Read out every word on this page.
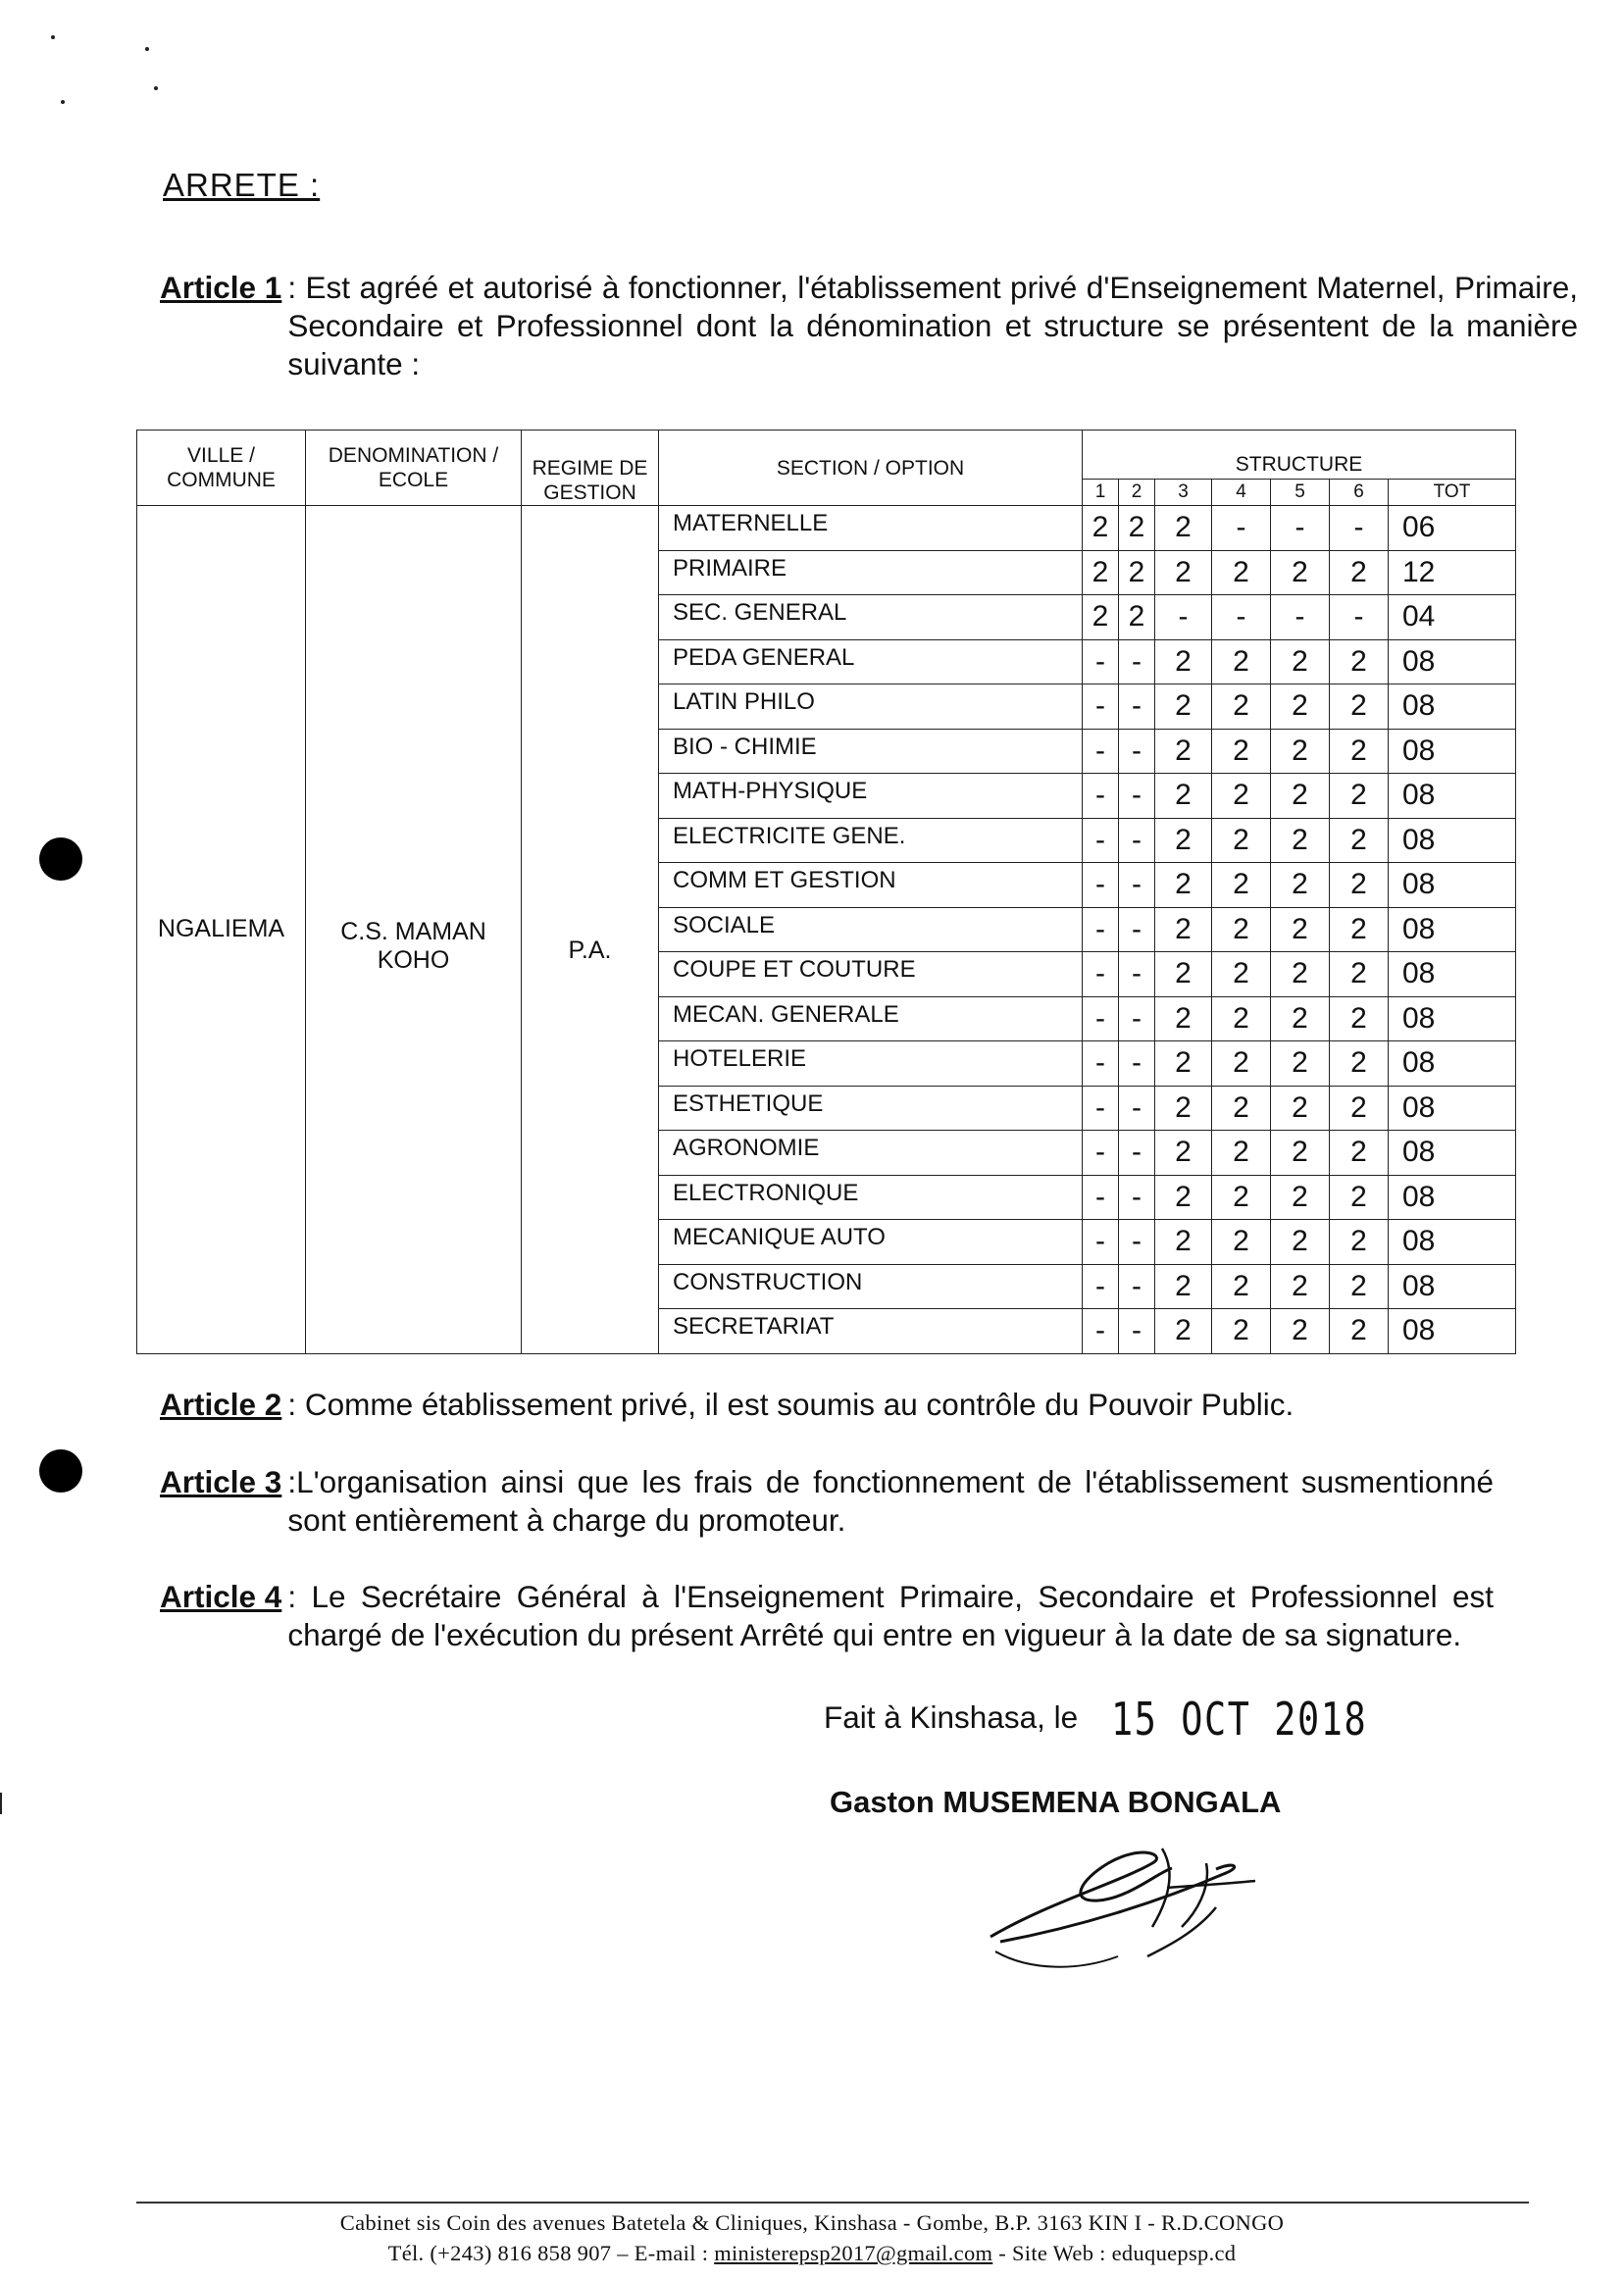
ARRETE :
Article 1 : Est agréé et autorisé à fonctionner, l'établissement privé d'Enseignement Maternel, Primaire, Secondaire et Professionnel dont la dénomination et structure se présentent de la manière suivante :
VILLE / COMMUNE	DENOMINATION / ECOLE	REGIME DE GESTION	SECTION / OPTION	STRUCTURE						
				1	2	3	4	5	6	TOT
NGALIEMA	C.S. MAMAN KOHO	P.A.	MATERNELLE	2	2	2	-	-	-	06
			PRIMAIRE	2	2	2	2	2	2	12
			SEC. GENERAL	2	2	-	-	-	-	04
			PEDA GENERAL	-	-	2	2	2	2	08
			LATIN PHILO	-	-	2	2	2	2	08
			BIO - CHIMIE	-	-	2	2	2	2	08
			MATH-PHYSIQUE	-	-	2	2	2	2	08
			ELECTRICITE GENE.	-	-	2	2	2	2	08
			COMM ET GESTION	-	-	2	2	2	2	08
			SOCIALE	-	-	2	2	2	2	08
			COUPE ET COUTURE	-	-	2	2	2	2	08
			MECAN. GENERALE	-	-	2	2	2	2	08
			HOTELERIE	-	-	2	2	2	2	08
			ESTHETIQUE	-	-	2	2	2	2	08
			AGRONOMIE	-	-	2	2	2	2	08
			ELECTRONIQUE	-	-	2	2	2	2	08
			MECANIQUE AUTO	-	-	2	2	2	2	08
			CONSTRUCTION	-	-	2	2	2	2	08
			SECRETARIAT	-	-	2	2	2	2	08
Article 2 : Comme établissement privé, il est soumis au contrôle du Pouvoir Public.
Article 3 :L'organisation ainsi que les frais de fonctionnement de l'établissement susmentionné sont entièrement à charge du promoteur.
Article 4 : Le Secrétaire Général à l'Enseignement Primaire, Secondaire et Professionnel est chargé de l'exécution du présent Arrêté qui entre en vigueur à la date de sa signature.
Fait à Kinshasa, le 15 OCT 2018
Gaston MUSEMENA BONGALA
Cabinet sis Coin des avenues Batetela & Cliniques, Kinshasa - Gombe, B.P. 3163 KIN I - R.D.CONGO
Tél. (+243) 816 858 907 – E-mail : ministerepsp2017@gmail.com - Site Web : eduquepsp.cd
